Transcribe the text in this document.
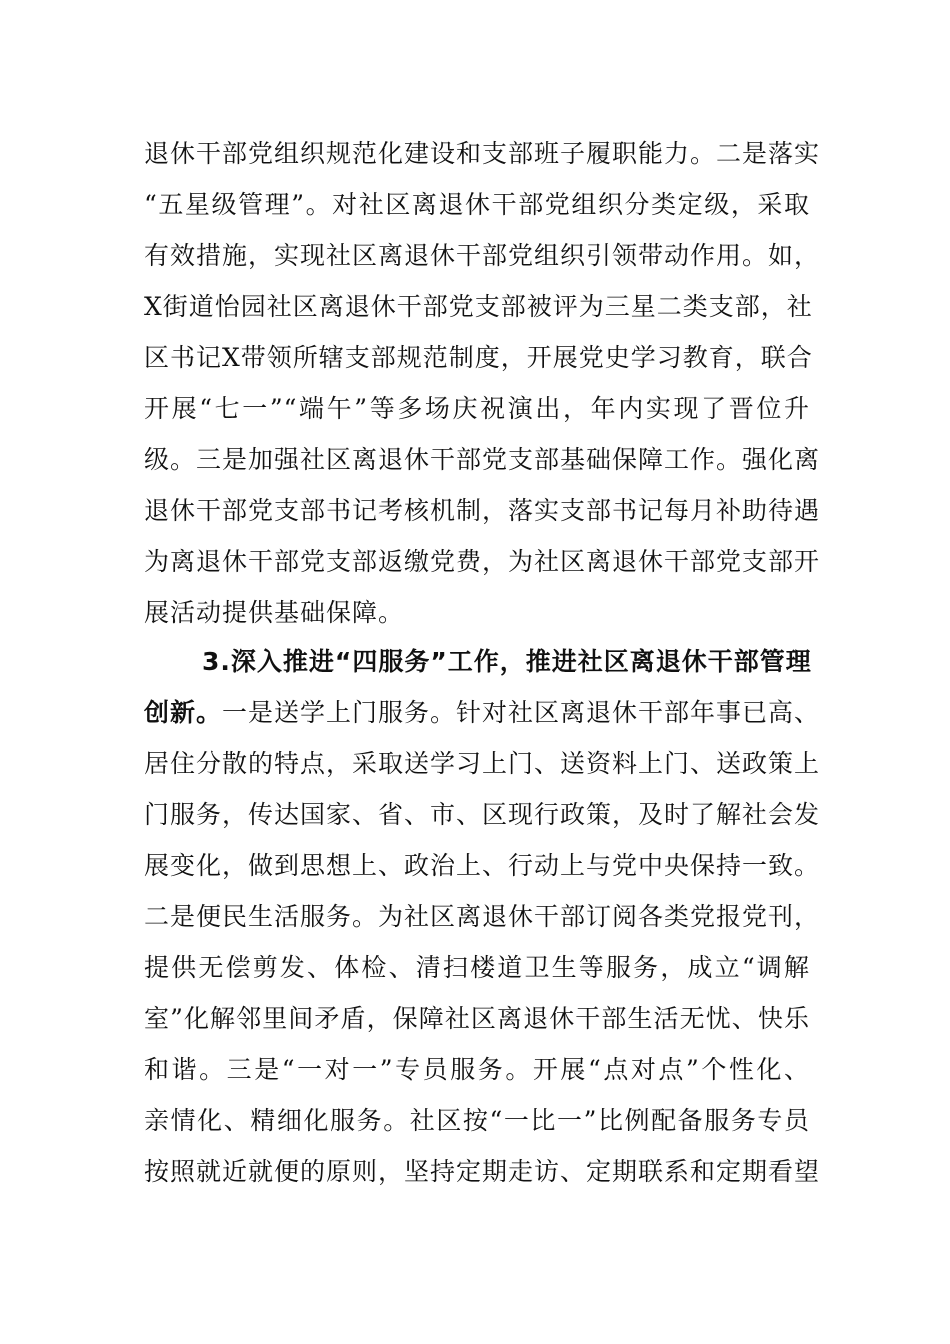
退休干部党组织规范化建设和支部班子履职能力。二是落实
“五星级管理”。对社区离退休干部党组织分类定级，采取
有效措施，实现社区离退休干部党组织引领带动作用。如，
X街道怡园社区离退休干部党支部被评为三星二类支部，社
区书记X带领所辖支部规范制度，开展党史学习教育，联合
开展“七一”“端午”等多场庆祝演出，年内实现了晋位升
级。三是加强社区离退休干部党支部基础保障工作。强化离
退休干部党支部书记考核机制，落实支部书记每月补助待遇
为离退休干部党支部返缴党费，为社区离退休干部党支部开
展活动提供基础保障。
3.深入推进“四服务”工作，推进社区离退休干部管理
创新。一是送学上门服务。针对社区离退休干部年事已高、
居住分散的特点，采取送学习上门、送资料上门、送政策上
门服务，传达国家、省、市、区现行政策，及时了解社会发
展变化，做到思想上、政治上、行动上与党中央保持一致。
二是便民生活服务。为社区离退休干部订阅各类党报党刊，
提供无偿剪发、体检、清扫楼道卫生等服务，成立“调解
室”化解邻里间矛盾，保障社区离退休干部生活无忧、快乐
和谐。三是“一对一”专员服务。开展“点对点”个性化、
亲情化、精细化服务。社区按“一比一”比例配备服务专员
按照就近就便的原则，坚持定期走访、定期联系和定期看望
